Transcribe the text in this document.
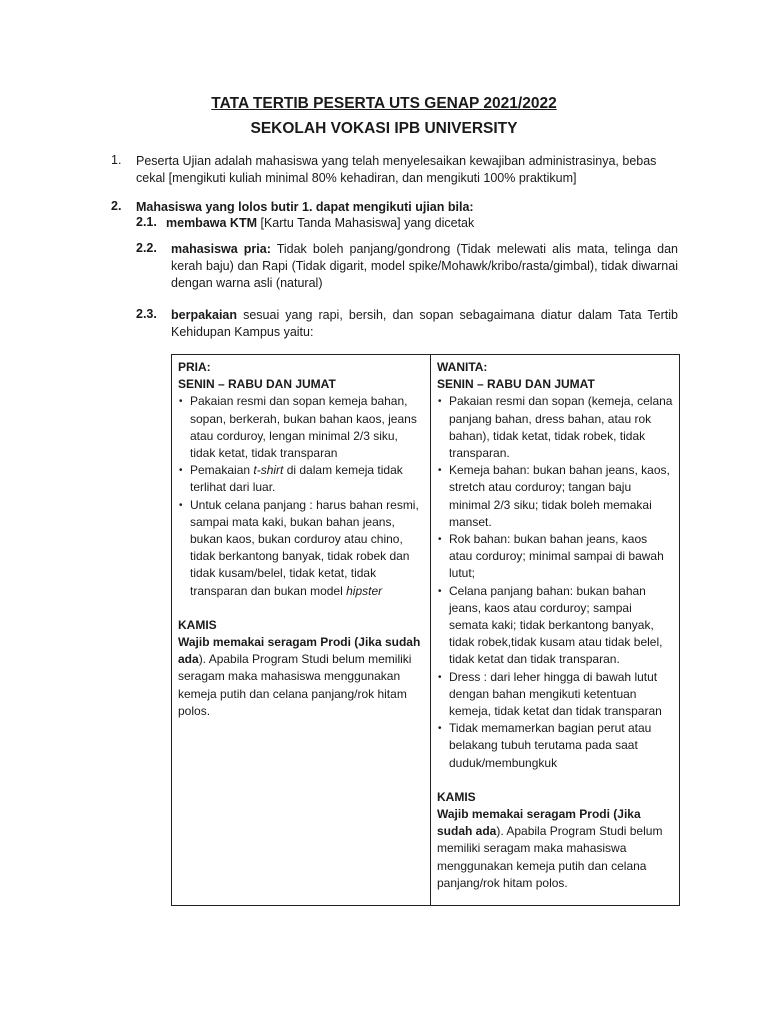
TATA TERTIB PESERTA UTS GENAP 2021/2022
SEKOLAH VOKASI IPB UNIVERSITY
1. Peserta Ujian adalah mahasiswa yang telah menyelesaikan kewajiban administrasinya, bebas cekal [mengikuti kuliah minimal 80% kehadiran, dan mengikuti 100% praktikum]
2. Mahasiswa yang lolos butir 1. dapat mengikuti ujian bila:
2.1. membawa KTM [Kartu Tanda Mahasiswa] yang dicetak
2.2. mahasiswa pria: Tidak boleh panjang/gondrong (Tidak melewati alis mata, telinga dan kerah baju) dan Rapi (Tidak digarit, model spike/Mohawk/kribo/rasta/gimbal), tidak diwarnai dengan warna asli (natural)
2.3. berpakaian sesuai yang rapi, bersih, dan sopan sebagaimana diatur dalam Tata Tertib Kehidupan Kampus yaitu:
PRIA:
SENIN – RABU DAN JUMAT
• Pakaian resmi dan sopan kemeja bahan, sopan, berkerah, bukan bahan kaos, jeans atau corduroy, lengan minimal 2/3 siku, tidak ketat, tidak transparan
• Pemakaian t-shirt di dalam kemeja tidak terlihat dari luar.
• Untuk celana panjang : harus bahan resmi, sampai mata kaki, bukan bahan jeans, bukan kaos, bukan corduroy atau chino, tidak berkantong banyak, tidak robek dan tidak kusam/belel, tidak ketat, tidak transparan dan bukan model hipster
KAMIS
Wajib memakai seragam Prodi (Jika sudah ada). Apabila Program Studi belum memiliki seragam maka mahasiswa menggunakan kemeja putih dan celana panjang/rok hitam polos.

WANITA:
SENIN – RABU DAN JUMAT
• Pakaian resmi dan sopan (kemeja, celana panjang bahan, dress bahan, atau rok bahan), tidak ketat, tidak robek, tidak transparan.
• Kemeja bahan: bukan bahan jeans, kaos, stretch atau corduroy; tangan baju minimal 2/3 siku; tidak boleh memakai manset.
• Rok bahan: bukan bahan jeans, kaos atau corduroy; minimal sampai di bawah lutut;
• Celana panjang bahan: bukan bahan jeans, kaos atau corduroy; sampai semata kaki; tidak berkantong banyak, tidak robek,tidak kusam atau tidak belel, tidak ketat dan tidak transparan.
• Dress : dari leher hingga di bawah lutut dengan bahan mengikuti ketentuan kemeja, tidak ketat dan tidak transparan
• Tidak memamerkan bagian perut atau belakang tubuh terutama pada saat duduk/membungkuk
KAMIS
Wajib memakai seragam Prodi (Jika sudah ada). Apabila Program Studi belum memiliki seragam maka mahasiswa menggunakan kemeja putih dan celana panjang/rok hitam polos.
